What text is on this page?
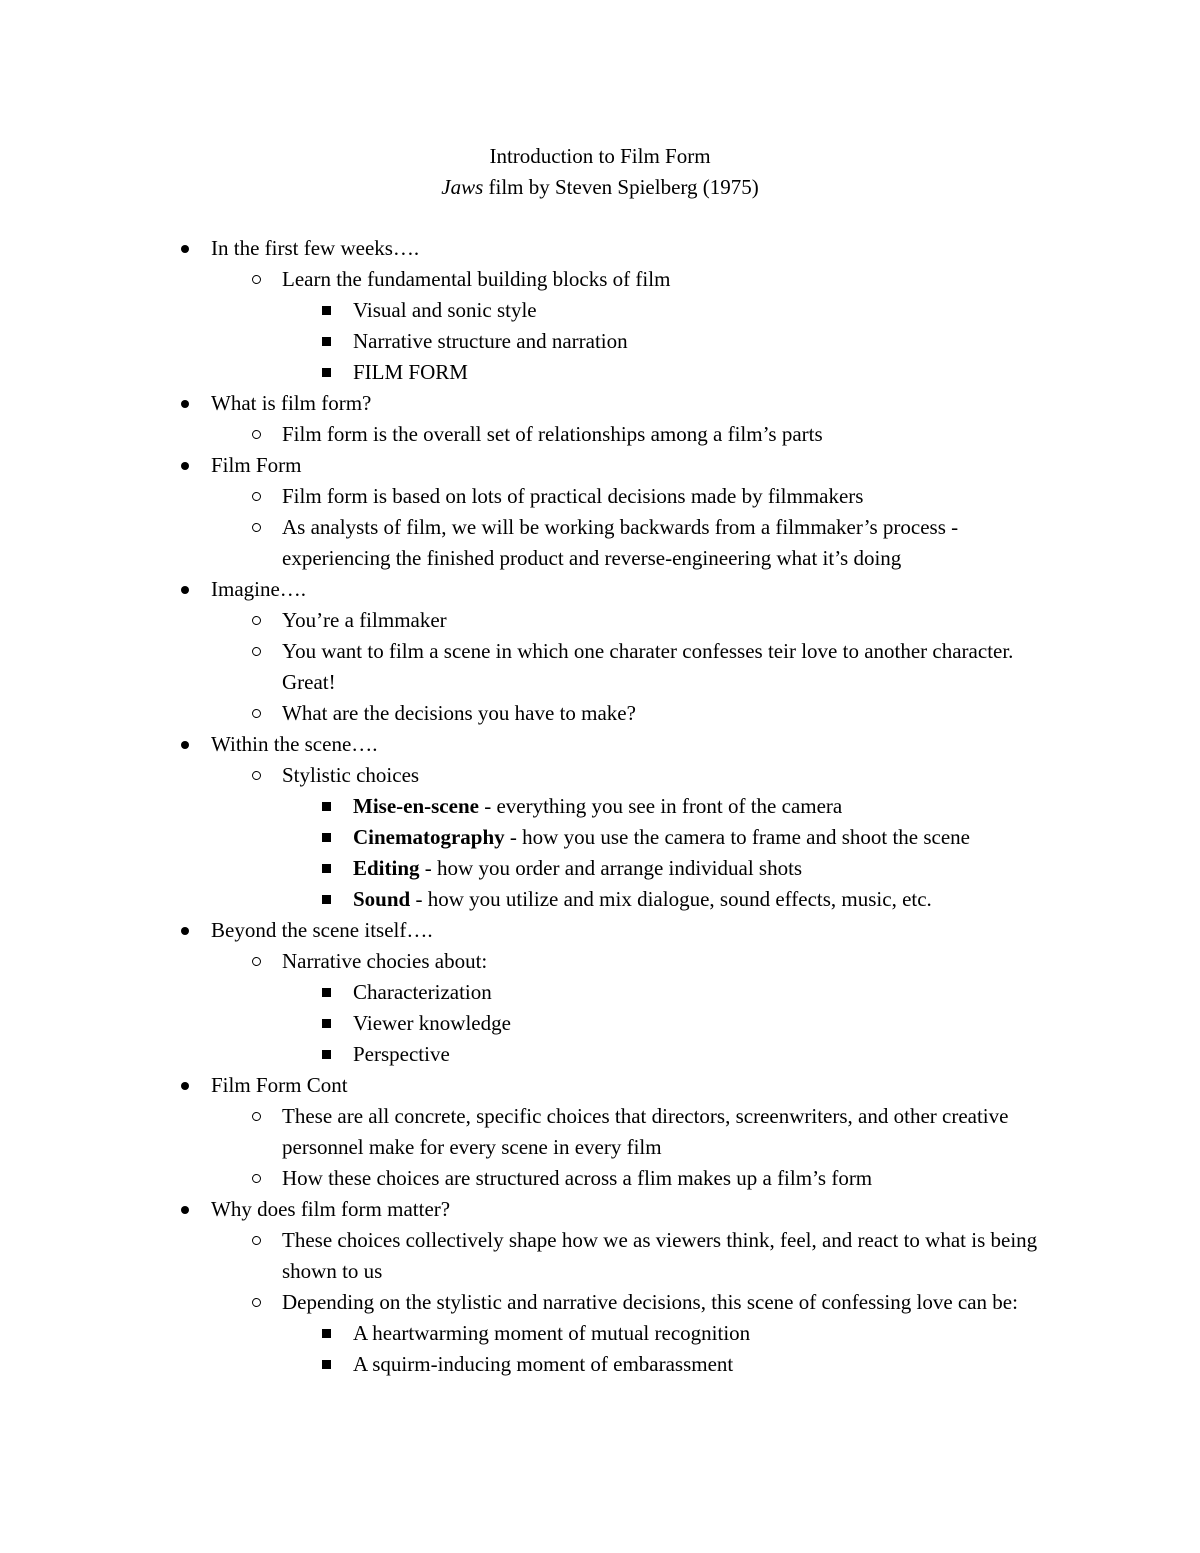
Introduction to Film Form
Jaws film by Steven Spielberg (1975)
In the first few weeks….
Learn the fundamental building blocks of film
Visual and sonic style
Narrative structure and narration
FILM FORM
What is film form?
Film form is the overall set of relationships among a film’s parts
Film Form
Film form is based on lots of practical decisions made by filmmakers
As analysts of film, we will be working backwards from a filmmaker’s process - experiencing the finished product and reverse-engineering what it’s doing
Imagine….
You’re a filmmaker
You want to film a scene in which one charater confesses teir love to another character. Great!
What are the decisions you have to make?
Within the scene….
Stylistic choices
Mise-en-scene - everything you see in front of the camera
Cinematography - how you use the camera to frame and shoot the scene
Editing - how you order and arrange individual shots
Sound - how you utilize and mix dialogue, sound effects, music, etc.
Beyond the scene itself….
Narrative chocies about:
Characterization
Viewer knowledge
Perspective
Film Form Cont
These are all concrete, specific choices that directors, screenwriters, and other creative personnel make for every scene in every film
How these choices are structured across a flim makes up a film’s form
Why does film form matter?
These choices collectively shape how we as viewers think, feel, and react to what is being shown to us
Depending on the stylistic and narrative decisions, this scene of confessing love can be:
A heartwarming moment of mutual recognition
A squirm-inducing moment of embarassment
